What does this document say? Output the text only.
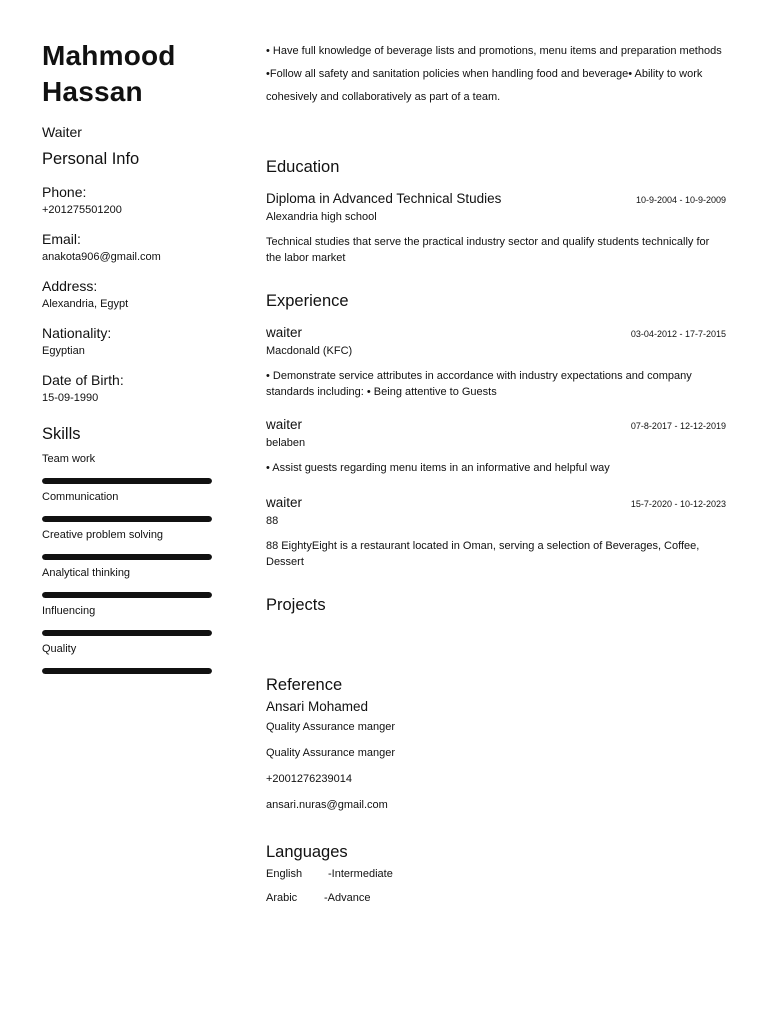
Mahmood
Hassan
Waiter
Personal Info
Phone:
+201275501200
Email:
anakota906@gmail.com
Address:
Alexandria, Egypt
Nationality:
Egyptian
Date of Birth:
15-09-1990
Skills
Team work
Communication
Creative problem solving
Analytical thinking
Influencing
Quality
• Have full knowledge of beverage lists and promotions, menu items and preparation methods •Follow all safety and sanitation policies when handling food and beverage• Ability to work cohesively and collaboratively as part of a team.
Education
Diploma in Advanced Technical Studies	10-9-2004 - 10-9-2009
Alexandria high school
Technical studies that serve the practical industry sector and qualify students technically for the labor market
Experience
waiter	03-04-2012 - 17-7-2015
Macdonald (KFC)
• Demonstrate service attributes in accordance with industry expectations and company standards including: • Being attentive to Guests
waiter	07-8-2017 - 12-12-2019
belaben
• Assist guests regarding menu items in an informative and helpful way
waiter	15-7-2020 - 10-12-2023
88
88 EightyEight is a restaurant located in Oman, serving a selection of Beverages, Coffee, Dessert
Projects
Reference
Ansari Mohamed
Quality Assurance manger
Quality Assurance manger
+2001276239014
ansari.nuras@gmail.com
Languages
English	-Intermediate
Arabic	-Advance
